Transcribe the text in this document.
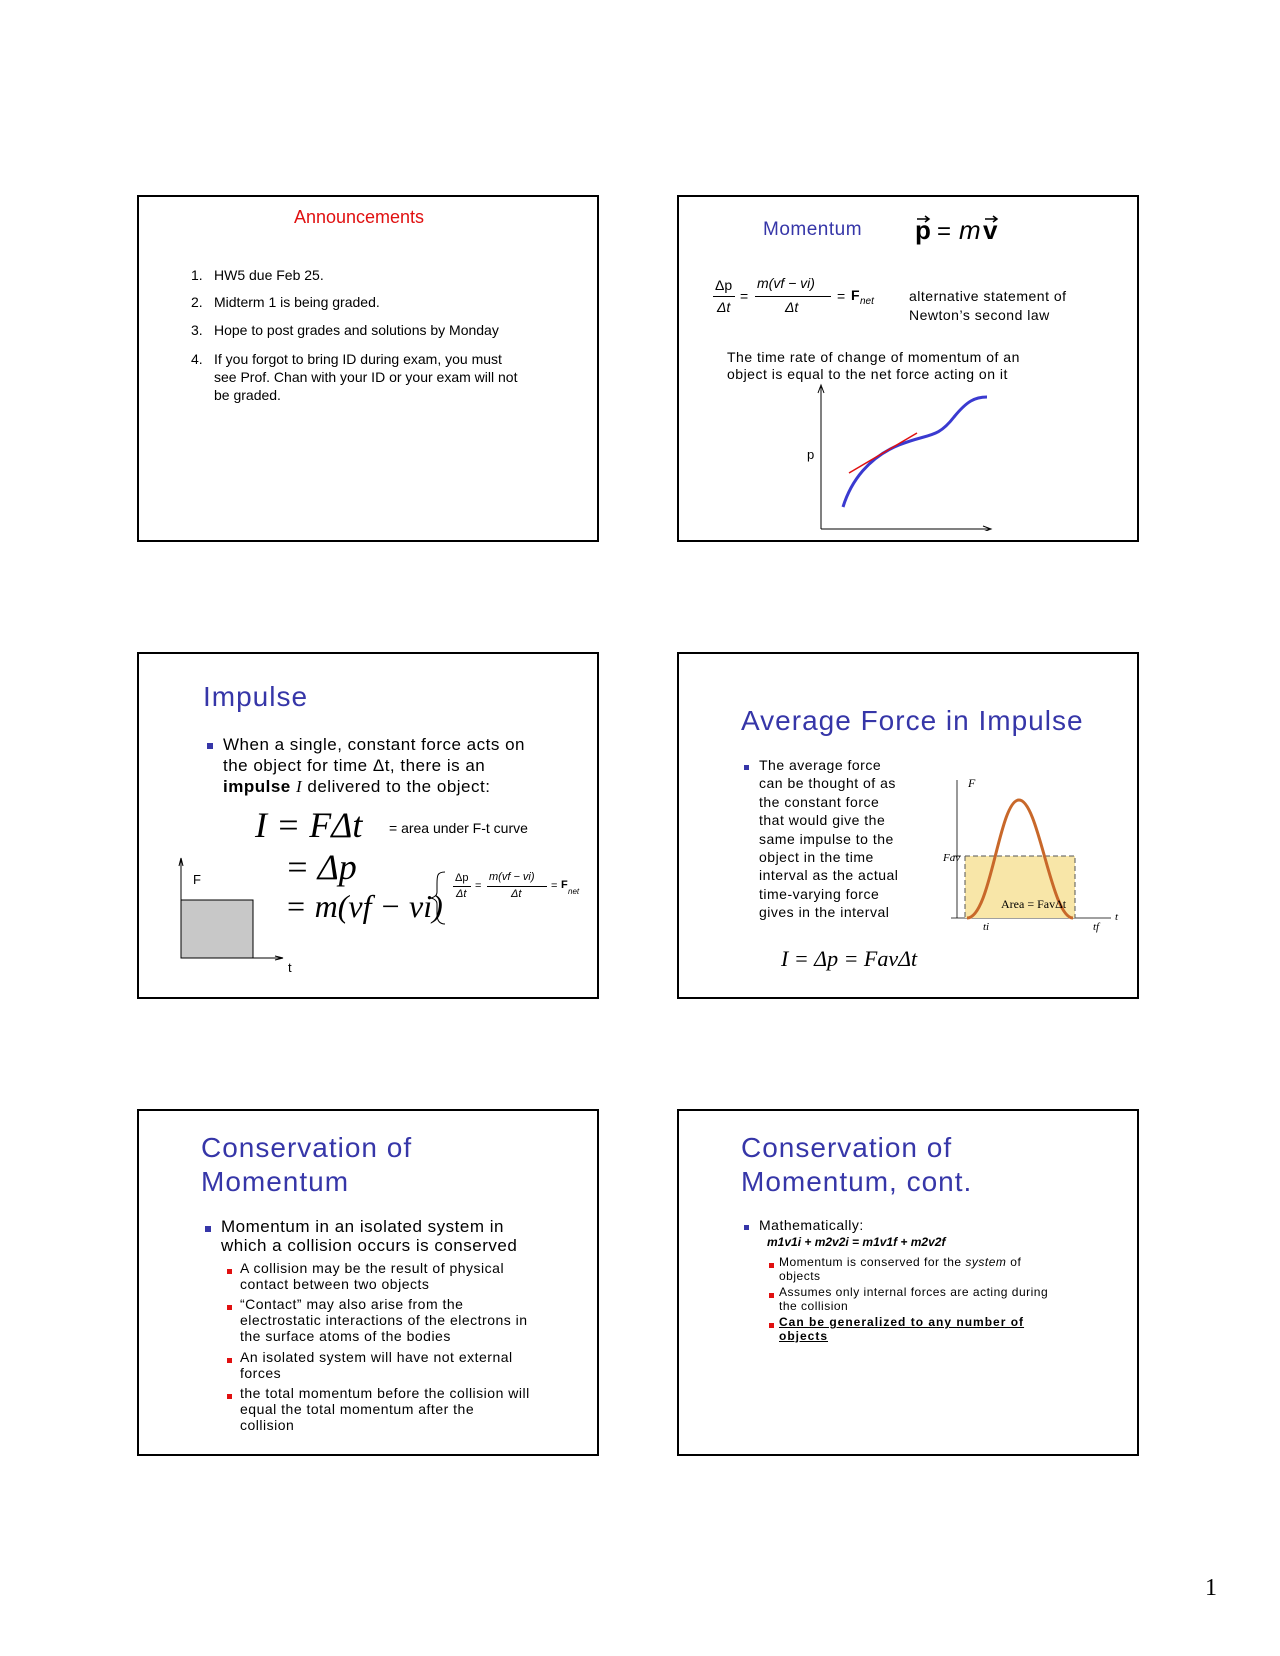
Announcements
1. HW5 due Feb 25.
2. Midterm 1 is being graded.
3. Hope to post grades and solutions by Monday
4. If you forgot to bring ID during exam, you must
see Prof. Chan with your ID or your exam will not
be graded.
Momentum p = m v
Δp
Δt
=
m(vf − vi)
Δt
= F net	alternative statement of
Newton’s second law
The time rate of change of momentum of an
object is equal to the net force acting on it
p
Impulse
When a single, constant force acts on
the object for time Δt, there is an
impulse I delivered to the object:
I = FΔt = area under F-t curve
= Δp
= m(vf − vi)
Δp
Δt
=
m(vf − vi)
Δt
= F
net
F
t
Average Force in Impulse
The average force
can be thought of as
the constant force
that would give the
same impulse to the
object in the time
interval as the actual
time-varying force
gives in the interval
F
Fav
Area = FavΔt
t
ti	tf
I = Δp = FavΔt
Conservation of
Momentum
Momentum in an isolated system in
which a collision occurs is conserved
A collision may be the result of physical
contact between two objects
“Contact” may also arise from the
electrostatic interactions of the electrons in
the surface atoms of the bodies
An isolated system will have not external
forces
the total momentum before the collision will
equal the total momentum after the
collision
Conservation of
Momentum, cont.
Mathematically:
m1v1i + m2v2i = m1v1f + m2v2f
Momentum is conserved for the system of
objects
Assumes only internal forces are acting during
the collision
Can be generalized to any number of
objects
1
